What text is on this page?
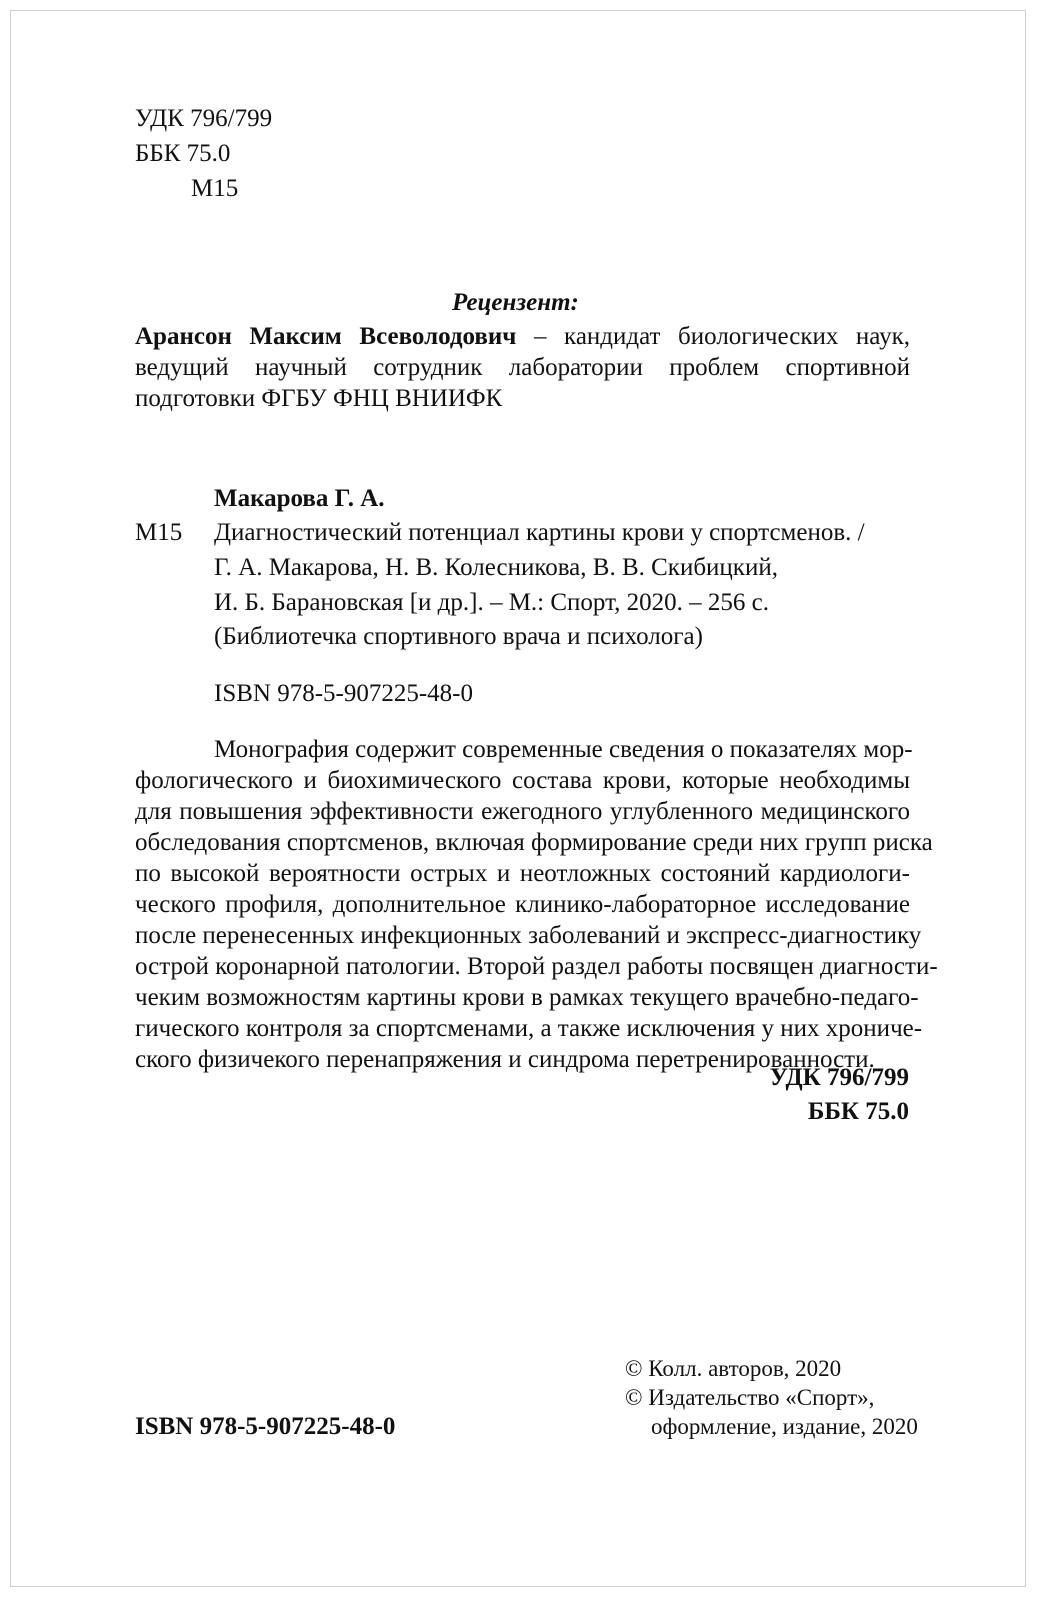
УДК 796/799
ББК 75.0
М15
Рецензент:
Арансон Максим Всеволодович – кандидат биологических наук,
ведущий научный сотрудник лаборатории проблем спортивной
подготовки ФГБУ ФНЦ ВНИИФК
Макарова Г. А.
М15 Диагностический потенциал картины крови у спортсменов. /
Г. А. Макарова, Н. В. Колесникова, В. В. Скибицкий,
И. Б. Барановская [и др.]. – М.: Спорт, 2020. – 256 с.
(Библиотечка спортивного врача и психолога)
ISBN 978-5-907225-48-0
Монография содержит современные сведения о показателях мор-
фологического и биохимического состава крови, которые необходимы
для повышения эффективности ежегодного углубленного медицинского
обследования спортсменов, включая формирование среди них групп риска
по высокой вероятности острых и неотложных состояний кардиологи-
ческого профиля, дополнительное клинико-лабораторное исследование
после перенесенных инфекционных заболеваний и экспресс-диагностику
острой коронарной патологии. Второй раздел работы посвящен диагности-
чеким возможностям картины крови в рамках текущего врачебно-педаго-
гического контроля за спортсменами, а также исключения у них хрониче-
ского физичекого перенапряжения и синдрома перетренированности.
УДК 796/799
ББК 75.0
© Колл. авторов, 2020
© Издательство «Спорт»,
оформление, издание, 2020
ISBN 978-5-907225-48-0
